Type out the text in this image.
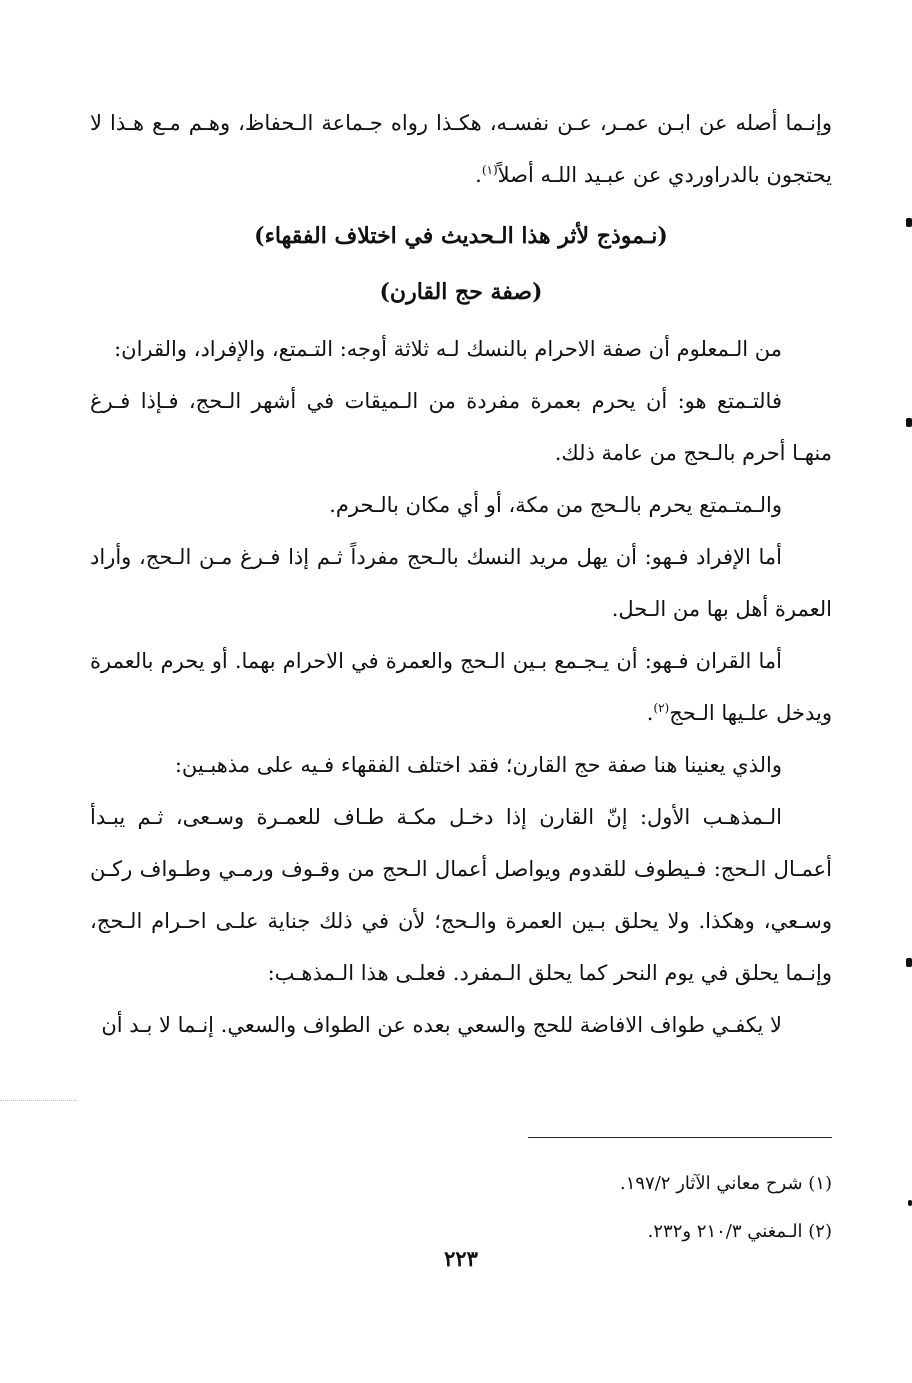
وإنـما أصله عن ابـن عمـر، عـن نفسـه، هكـذا رواه جـماعة الـحفاظ، وهـم مـع هـذا لا يحتجون بالدراوردي عن عبـيد اللـه أصلاً$^{(١)}$.

(نـموذج لأثر هذا الـحديث في اختلاف الفقهاء)
(صفة حج القارن)

من الـمعلوم أن صفة الاحرام بالنسك لـه ثلاثة أوجه: التـمتع، والإفراد، والقران:

فالتـمتع هو: أن يحرم بعمرة مفردة من الـميقات في أشهر الـحج، فـإذا فـرغ منهـا أحرم بالـحج من عامة ذلك.

والـمتـمتع يحرم بالـحج من مكة، أو أي مكان بالـحرم.

أما الإفراد فـهو: أن يهل مريد النسك بالـحج مفرداً ثـم إذا فـرغ مـن الـحج، وأراد العمرة أهل بها من الـحل.

أما القران فـهو: أن يـجـمع بـين الـحج والعمرة في الاحرام بهما. أو يحرم بالعمرة ويدخل علـيها الـحج$^{(٢)}$.

والذي يعنينا هنا صفة حج القارن؛ فقد اختلف الفقهاء فـيه على مذهبـين:

الـمذهـب الأول: إنّ القارن إذا دخـل مكـة طـاف للعمـرة وسـعى، ثـم يبـدأ أعمـال الـحج: فـيطوف للقدوم ويواصل أعمال الـحج من وقـوف ورمـي وطـواف ركـن وسـعي، وهكذا. ولا يحلق بـين العمرة والـحج؛ لأن في ذلك جناية علـى احـرام الـحج، وإنـما يحلق في يوم النحر كما يحلق الـمفرد. فعلـى هذا الـمذهـب:

لا يكفـي طواف الافاضة للحج والسعي بعده عن الطواف والسعي. إنـما لا بـد أن

(١) شرح معاني الآثار ١٩٧/٢.
(٢) الـمغني ٢١٠/٣ و٢٣٢.
٢٢٣
